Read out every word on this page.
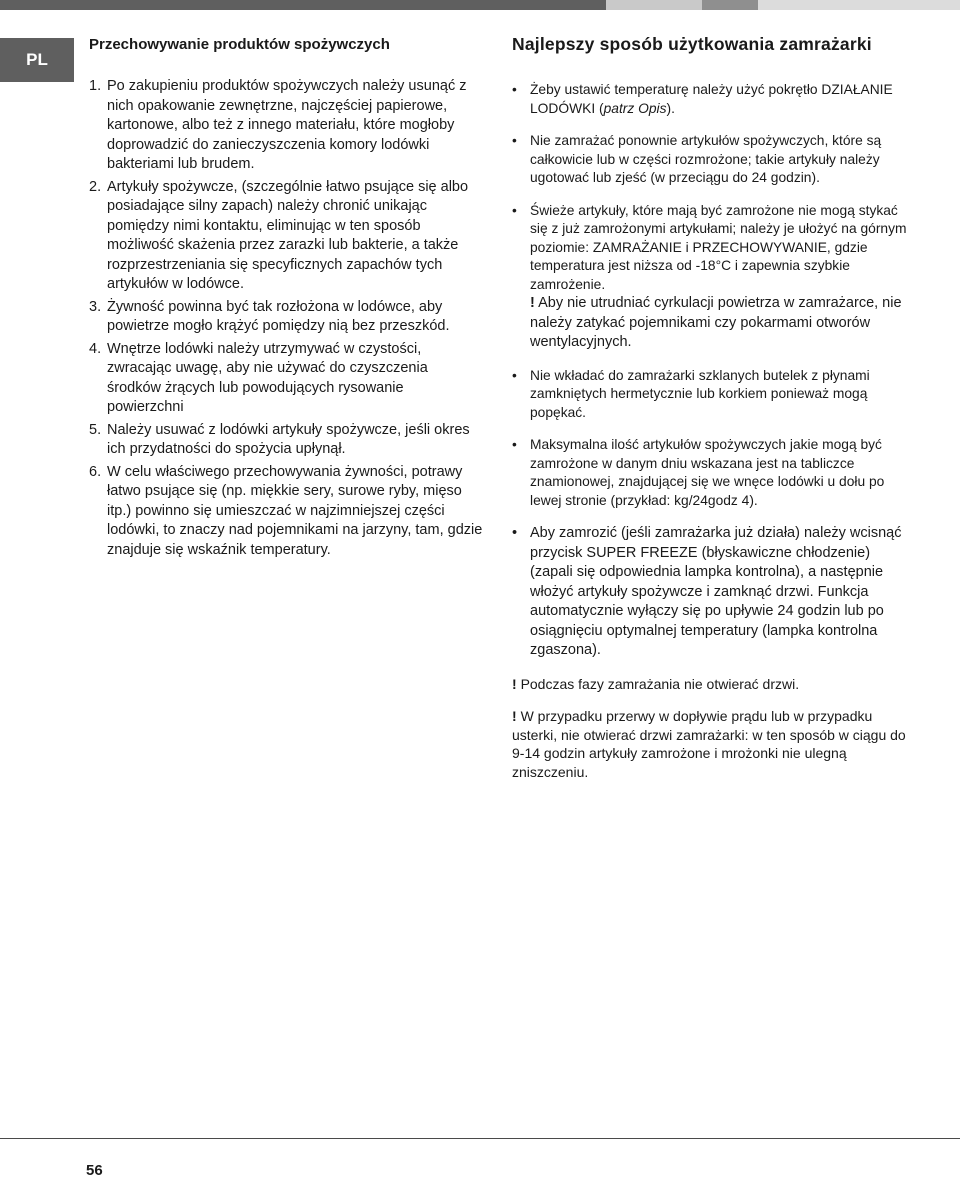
PL
Przechowywanie produktów spożywczych
1. Po zakupieniu produktów spożywczych należy usunąć z nich opakowanie zewnętrzne, najczęściej papierowe, kartonowe, albo też z innego materiału, które mogłoby doprowadzić do zanieczyszczenia komory lodówki bakteriami lub brudem.
2. Artykuły spożywcze, (szczególnie łatwo psujące się albo posiadające silny zapach) należy chronić unikając pomiędzy nimi kontaktu, eliminując w ten sposób możliwość skażenia przez zarazki lub bakterie, a także rozprzestrzeniania się specyficznych zapachów tych artykułów w lodówce.
3. Żywność powinna być tak rozłożona w lodówce, aby powietrze mogło krążyć pomiędzy nią bez przeszkód.
4. Wnętrze lodówki należy utrzymywać w czystości, zwracając uwagę, aby nie używać do czyszczenia środków żrących lub powodujących rysowanie powierzchni
5. Należy usuwać z lodówki artykuły spożywcze, jeśli okres ich przydatności do spożycia upłynął.
6. W celu właściwego przechowywania żywności, potrawy łatwo psujące się (np. miękkie sery, surowe ryby, mięso itp.) powinno się umieszczać w najzimniejszej części lodówki, to znaczy nad pojemnikami na jarzyny, tam, gdzie znajduje się wskaźnik temperatury.
Najlepszy sposób użytkowania zamrażarki
• Żeby ustawić temperaturę należy użyć pokrętło DZIAŁANIE LODÓWKI (patrz Opis).
• Nie zamrażać ponownie artykułów spożywczych, które są całkowicie lub w części rozmrożone; takie artykuły należy ugotować lub zjeść (w przeciągu do 24 godzin).
• Świeże artykuły, które mają być zamrożone nie mogą stykać się z już zamrożonymi artykułami; należy je ułożyć na górnym poziomie: ZAMRAŻANIE i PRZECHOWYWANIE, gdzie temperatura jest niższa od -18°C i zapewnia szybkie zamrożenie.
! Aby nie utrudniać cyrkulacji powietrza w zamrażarce, nie należy zatykać pojemnikami czy pokarmami otworów wentylacyjnych.
• Nie wkładać do zamrażarki szklanych butelek z płynami zamkniętych hermetycznie lub korkiem ponieważ mogą popękać.
• Maksymalna ilość artykułów spożywczych jakie mogą być zamrożone w danym dniu wskazana jest na tabliczce znamionowej, znajdującej się we wnęce lodówki u dołu po lewej stronie (przykład: kg/24godz 4).
• Aby zamrozić (jeśli zamrażarka już działa) należy wcisnąć przycisk SUPER FREEZE (błyskawiczne chłodzenie) (zapali się odpowiednia lampka kontrolna), a następnie włożyć artykuły spożywcze i zamknąć drzwi. Funkcja automatycznie wyłączy się po upływie 24 godzin lub po osiągnięciu optymalnej temperatury (lampka kontrolna zgaszona).

! Podczas fazy zamrażania nie otwierać drzwi.

! W przypadku przerwy w dopływie prądu lub w przypadku usterki, nie otwierać drzwi zamrażarki: w ten sposób w ciągu do 9-14 godzin artykuły zamrożone i mrożonki nie ulegną zniszczeniu.

56
